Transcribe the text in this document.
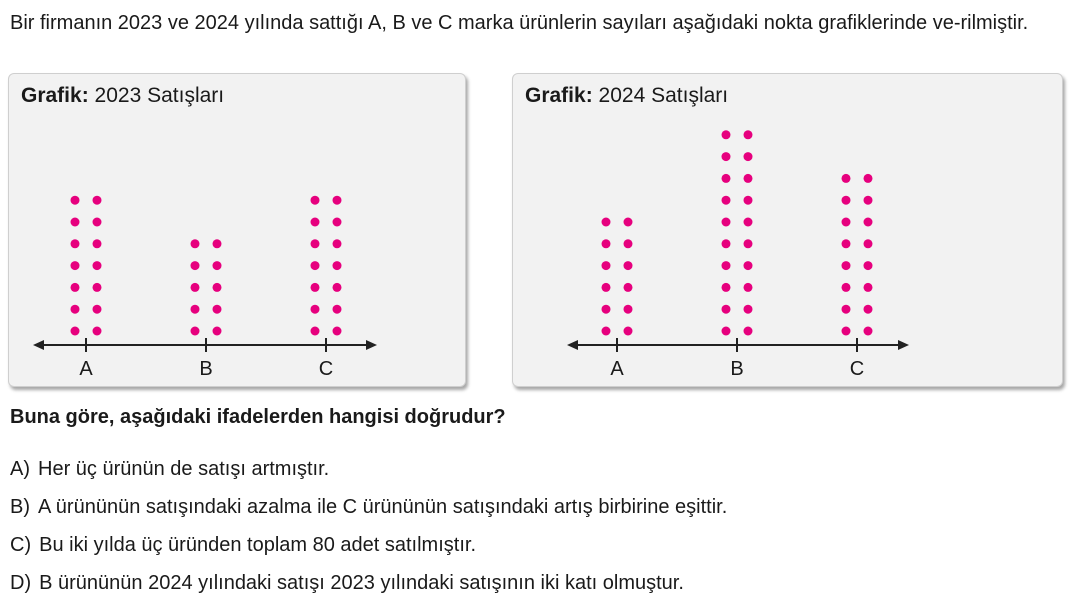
Bir firmanın 2023 ve 2024 yılında sattığı A, B ve C marka ürünlerin sayıları aşağıdaki nokta grafiklerinde ve-rilmiştir.

Grafik: 2023 Satışları

A	B	C

Grafik: 2024 Satışları

A	B	C

Buna göre, aşağıdaki ifadelerden hangisi doğrudur?

A) Her üç ürünün de satışı artmıştır.
B) A ürününün satışındaki azalma ile C ürününün satışındaki artış birbirine eşittir.
C) Bu iki yılda üç üründen toplam 80 adet satılmıştır.
D) B ürününün 2024 yılındaki satışı 2023 yılındaki satışının iki katı olmuştur.
